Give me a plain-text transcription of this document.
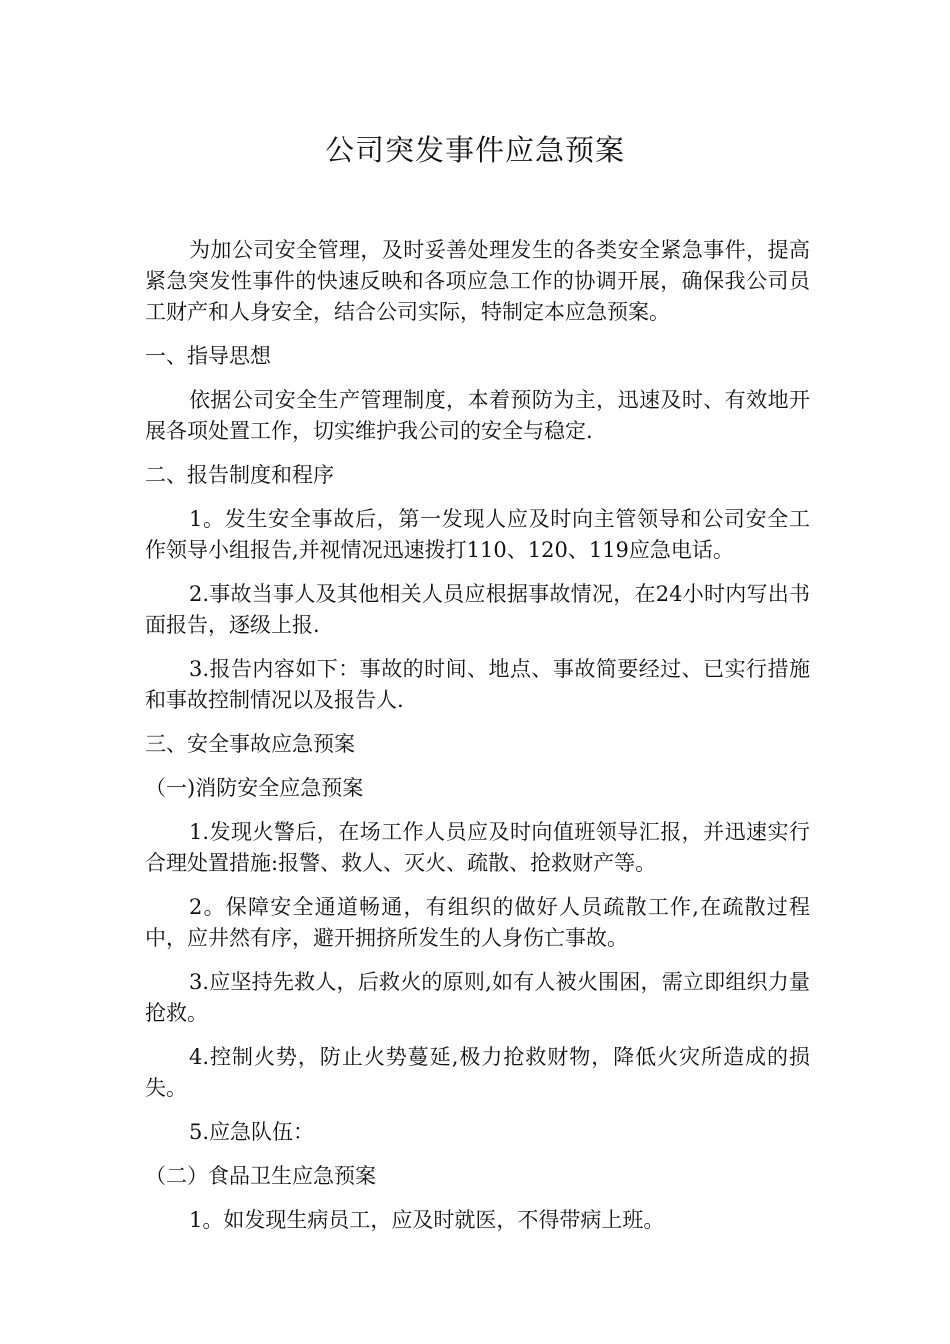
公司突发事件应急预案

为加公司安全管理，及时妥善处理发生的各类安全紧急事件，提高紧急突发性事件的快速反映和各项应急工作的协调开展，确保我公司员工财产和人身安全，结合公司实际，特制定本应急预案。

一、指导思想

依据公司安全生产管理制度，本着预防为主，迅速及时、有效地开展各项处置工作，切实维护我公司的安全与稳定.

二、报告制度和程序

1。发生安全事故后，第一发现人应及时向主管领导和公司安全工作领导小组报告,并视情况迅速拨打110、120、119应急电话。

2.事故当事人及其他相关人员应根据事故情况，在24小时内写出书面报告，逐级上报.

3.报告内容如下：事故的时间、地点、事故简要经过、已实行措施和事故控制情况以及报告人.

三、安全事故应急预案

（一)消防安全应急预案

1.发现火警后，在场工作人员应及时向值班领导汇报，并迅速实行合理处置措施:报警、救人、灭火、疏散、抢救财产等。

2。保障安全通道畅通，有组织的做好人员疏散工作,在疏散过程中，应井然有序，避开拥挤所发生的人身伤亡事故。

3.应坚持先救人，后救火的原则,如有人被火围困，需立即组织力量抢救。

4.控制火势，防止火势蔓延,极力抢救财物，降低火灾所造成的损失。

5.应急队伍：

（二）食品卫生应急预案

1。如发现生病员工，应及时就医，不得带病上班。
